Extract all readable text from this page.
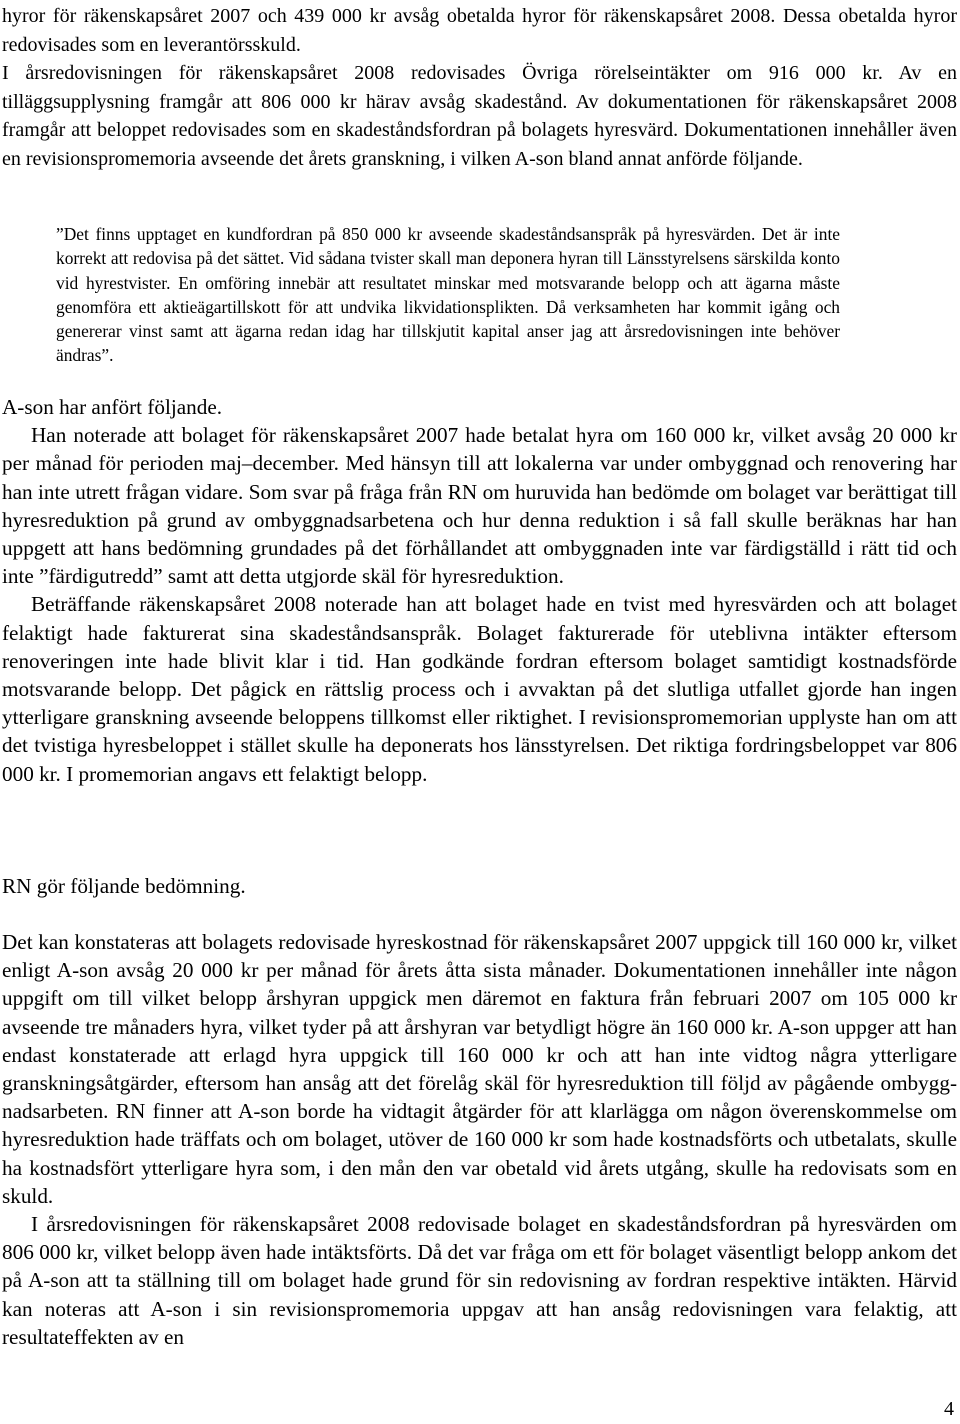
hyror för räkenskapsåret 2007 och 439 000 kr avsåg obetalda hyror för räkenskapsåret 2008. Dessa obetalda hyror redovisades som en leverantörsskuld.

I årsredovisningen för räkenskapsåret 2008 redovisades Övriga rörelseintäkter om 916 000 kr. Av en tilläggsupplysning framgår att 806 000 kr härav avsåg skadestånd. Av dokumentationen för räkenskapsåret 2008 framgår att beloppet redovisades som en skadeståndsfordran på bolagets hyresvärd. Dokumentationen innehåller även en revisionspromemoria avseende det årets granskning, i vilken A-son bland annat anförde följande.

”Det finns upptaget en kundfordran på 850 000 kr avseende skadeståndsanspråk på hyresvärden. Det är inte korrekt att redovisa på det sättet. Vid sådana tvister skall man deponera hyran till Länsstyrelsens särskilda konto vid hyrestvister. En omföring innebär att resultatet minskar med motsvarande belopp och att ägarna måste genomföra ett aktieägartillskott för att undvika likvidationsplikten. Då verksamheten har kommit igång och genererar vinst samt att ägarna redan idag har tillskjutit kapital anser jag att årsredovisningen inte behöver ändras”.

A-son har anfört följande.

Han noterade att bolaget för räkenskapsåret 2007 hade betalat hyra om 160 000 kr, vilket avsåg 20 000 kr per månad för perioden maj–december. Med hänsyn till att lokalerna var under ombyggnad och renovering har han inte utrett frågan vidare. Som svar på fråga från RN om huruvida han bedömde om bolaget var berättigat till hyresreduktion på grund av ombyggnadsarbetena och hur denna reduktion i så fall skulle beräknas har han uppgett att hans bedömning grundades på det förhållandet att ombyggnaden inte var färdigställd i rätt tid och inte ”färdigutredd” samt att detta utgjorde skäl för hyresreduktion.

Beträffande räkenskapsåret 2008 noterade han att bolaget hade en tvist med hyresvärden och att bolaget felaktigt hade fakturerat sina skadeståndsanspråk. Bolaget fakturerade för uteblivna intäkter eftersom renoveringen inte hade blivit klar i tid. Han godkände fordran eftersom bolaget samtidigt kostnadsförde motsvarande belopp. Det pågick en rättslig process och i avvaktan på det slutliga utfallet gjorde han ingen ytterligare granskning avseende beloppens tillkomst eller riktighet. I revisionspromemorian upplyste han om att det tvistiga hyresbeloppet i stället skulle ha deponerats hos länsstyrelsen. Det riktiga fordringsbeloppet var 806 000 kr. I promemorian angavs ett felaktigt belopp.

RN gör följande bedömning.

Det kan konstateras att bolagets redovisade hyreskostnad för räkenskapsåret 2007 uppgick till 160 000 kr, vilket enligt A-son avsåg 20 000 kr per månad för årets åtta sista månader. Dokumentationen innehåller inte någon uppgift om till vilket belopp årshyran uppgick men däremot en faktura från februari 2007 om 105 000 kr avseende tre månaders hyra, vilket tyder på att årshyran var betydligt högre än 160 000 kr. A-son uppger att han endast konstaterade att erlagd hyra uppgick till 160 000 kr och att han inte vidtog några ytterligare granskningsåtgärder, eftersom han ansåg att det förelåg skäl för hyresreduktion till följd av pågående ombyggnadsarbeten. RN finner att A-son borde ha vidtagit åtgärder för att klarlägga om någon överenskommelse om hyresreduktion hade träffats och om bolaget, utöver de 160 000 kr som hade kostnadsförts och utbetalats, skulle ha kostnadsfört ytterligare hyra som, i den mån den var obetald vid årets utgång, skulle ha redovisats som en skuld.

I årsredovisningen för räkenskapsåret 2008 redovisade bolaget en skadeståndsfordran på hyresvärden om 806 000 kr, vilket belopp även hade intäktsförts. Då det var fråga om ett för bolaget väsentligt belopp ankom det på A-son att ta ställning till om bolaget hade grund för sin redovisning av fordran respektive intäkten. Härvid kan noteras att A-son i sin revisionspromemoria uppgav att han ansåg redovisningen vara felaktig, att resultateffekten av en

4
